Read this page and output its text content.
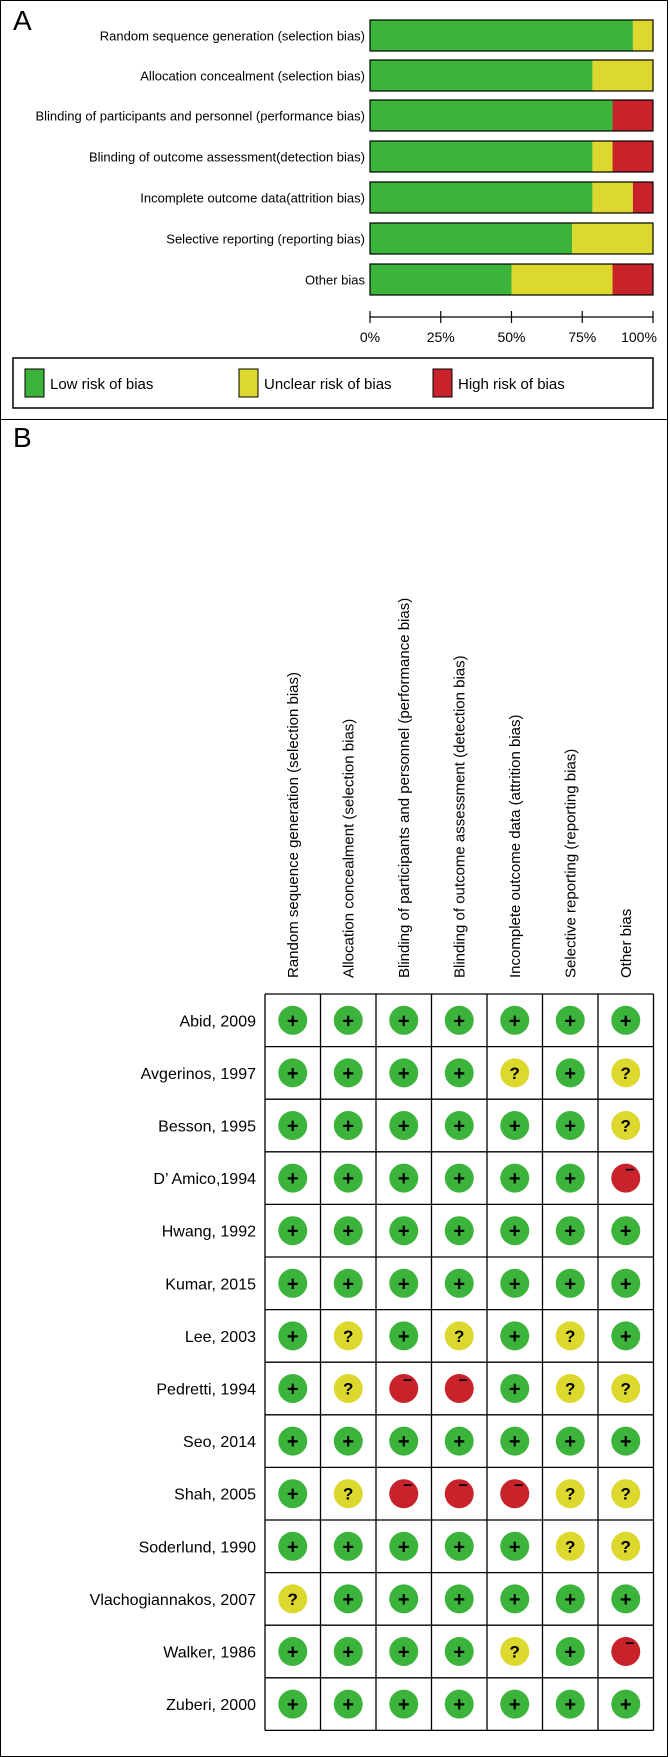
A	Random sequence generation (selection bias)
Allocation concealment (selection bias)
Blinding of participants and personnel (performance bias)
Blinding of outcome assessment(detection bias)
Incomplete outcome data(attrition bias)
Selective reporting (reporting bias)
Other bias
0%	25%	50%	75% 100%
Low risk of bias	Unclear risk of bias	High risk of bias
B
Random sequence generation (selection bias)	Allocation concealment (selection bias)	Blinding of participants and personnel (performance bias)	Blinding of outcome assessment (detection bias)	Incomplete outcome data (attrition bias)	Selective reporting (reporting bias)	Other bias
Abid, 2009 + + + + + + +
Avgerinos, 1997 + + + +	? +	?
Besson, 1995 + + + + + +	?
D’ Amico,1994 + + + + + +	−
Hwang, 1992 + + + + + + +
Kumar, 2015 + + + + + + +
Lee, 2003 +	? +	? +	? +
Pedretti, 1994 +	?	−	− +	?	?
Seo, 2014 + + + + + + +
Shah, 2005 +	?	−	−	− ?	?
Soderlund, 1990 + + + + +	?	?
Vlachogiannakos, 2007 ? + + + + + +
Walker, 1986 + + + +	? +	−
Zuberi, 2000 + + + + + + +
